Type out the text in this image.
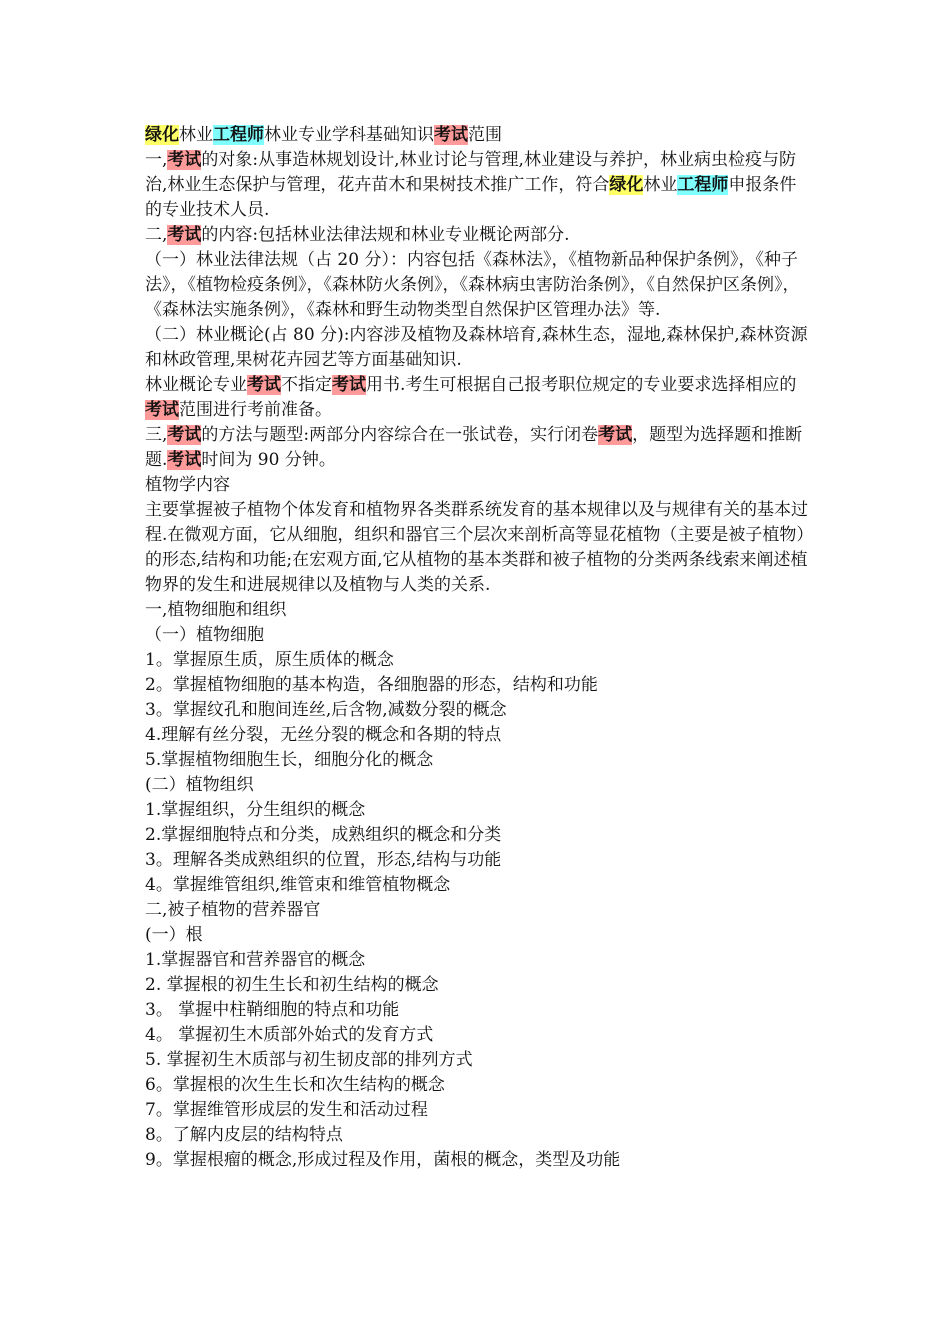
绿化林业工程师林业专业学科基础知识考试范围

一,考试的对象:从事造林规划设计,林业讨论与管理,林业建设与养护，林业病虫检疫与防治,林业生态保护与管理，花卉苗木和果树技术推广工作，符合绿化林业工程师申报条件的专业技术人员.

二,考试的内容:包括林业法律法规和林业专业概论两部分.

（一）林业法律法规（占 20 分）：内容包括《森林法》，《植物新品种保护条例》，《种子法》，《植物检疫条例》，《森林防火条例》，《森林病虫害防治条例》，《自然保护区条例》，《森林法实施条例》，《森林和野生动物类型自然保护区管理办法》等.

（二）林业概论(占 80 分):内容涉及植物及森林培育,森林生态，湿地,森林保护,森林资源和林政管理,果树花卉园艺等方面基础知识.

林业概论专业考试不指定考试用书.考生可根据自己报考职位规定的专业要求选择相应的考试范围进行考前准备。

三,考试的方法与题型:两部分内容综合在一张试卷，实行闭卷考试，题型为选择题和推断题.考试时间为 90 分钟。

植物学内容

主要掌握被子植物个体发育和植物界各类群系统发育的基本规律以及与规律有关的基本过程.在微观方面，它从细胞，组织和器官三个层次来剖析高等显花植物（主要是被子植物）的形态,结构和功能;在宏观方面,它从植物的基本类群和被子植物的分类两条线索来阐述植物界的发生和进展规律以及植物与人类的关系.

一,植物细胞和组织

（一）植物细胞

1。掌握原生质，原生质体的概念

2。掌握植物细胞的基本构造，各细胞器的形态，结构和功能

3。掌握纹孔和胞间连丝,后含物,减数分裂的概念

4.理解有丝分裂，无丝分裂的概念和各期的特点

5.掌握植物细胞生长，细胞分化的概念

(二）植物组织

1.掌握组织，分生组织的概念

2.掌握细胞特点和分类，成熟组织的概念和分类

3。理解各类成熟组织的位置，形态,结构与功能

4。掌握维管组织,维管束和维管植物概念

二,被子植物的营养器官

(一）根

1.掌握器官和营养器官的概念

2. 掌握根的初生生长和初生结构的概念

3。 掌握中柱鞘细胞的特点和功能

4。 掌握初生木质部外始式的发育方式

5. 掌握初生木质部与初生韧皮部的排列方式

6。掌握根的次生生长和次生结构的概念

7。掌握维管形成层的发生和活动过程

8。了解内皮层的结构特点

9。掌握根瘤的概念,形成过程及作用，菌根的概念，类型及功能
